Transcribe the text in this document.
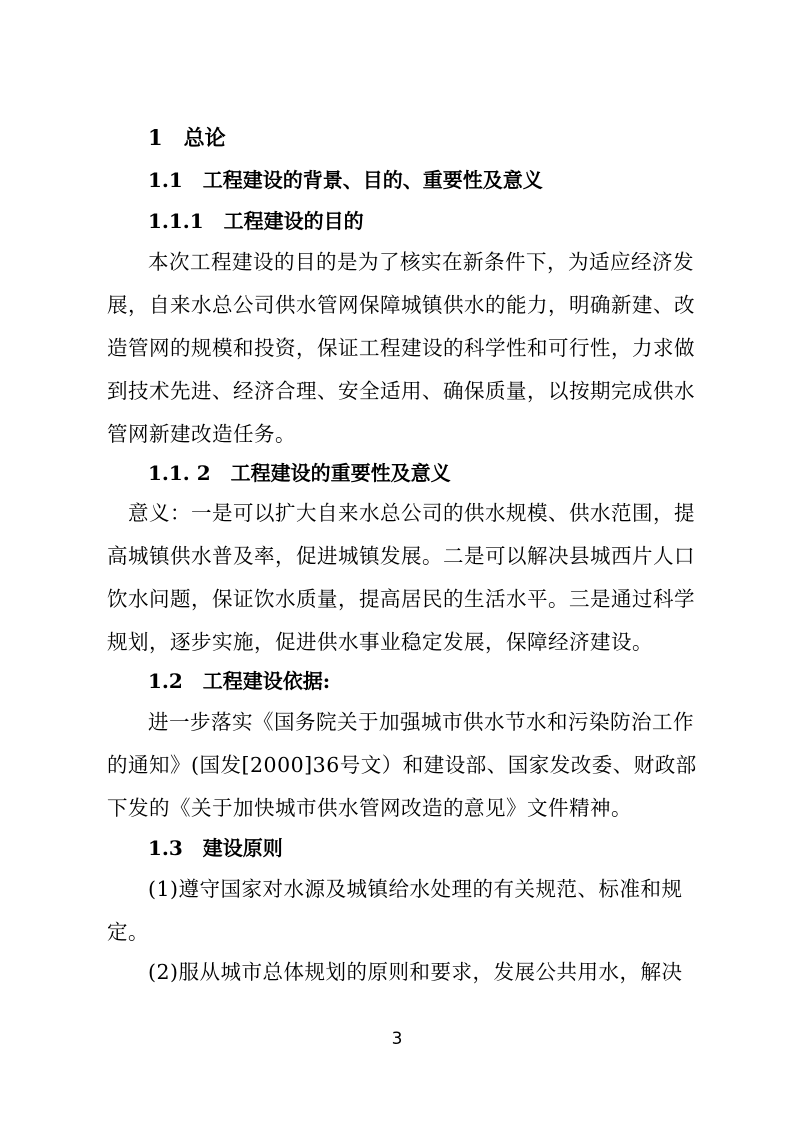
1　总论
1.1　工程建设的背景、目的、重要性及意义
1.1.1　工程建设的目的
本次工程建设的目的是为了核实在新条件下，为适应经济发
展，自来水总公司供水管网保障城镇供水的能力，明确新建、改
造管网的规模和投资，保证工程建设的科学性和可行性，力求做
到技术先进、经济合理、安全适用、确保质量，以按期完成供水
管网新建改造任务。
1.1. 2　工程建设的重要性及意义
意义：一是可以扩大自来水总公司的供水规模、供水范围，提
高城镇供水普及率，促进城镇发展。二是可以解决县城西片人口
饮水问题，保证饮水质量，提高居民的生活水平。三是通过科学
规划，逐步实施，促进供水事业稳定发展，保障经济建设。
1.2　工程建设依据:
进一步落实《国务院关于加强城市供水节水和污染防治工作
的通知》(国发[2000]36号文）和建设部、国家发改委、财政部
下发的《关于加快城市供水管网改造的意见》文件精神。
1.3　建设原则
(1)遵守国家对水源及城镇给水处理的有关规范、标准和规
定。
(2)服从城市总体规划的原则和要求，发展公共用水，解决
3
